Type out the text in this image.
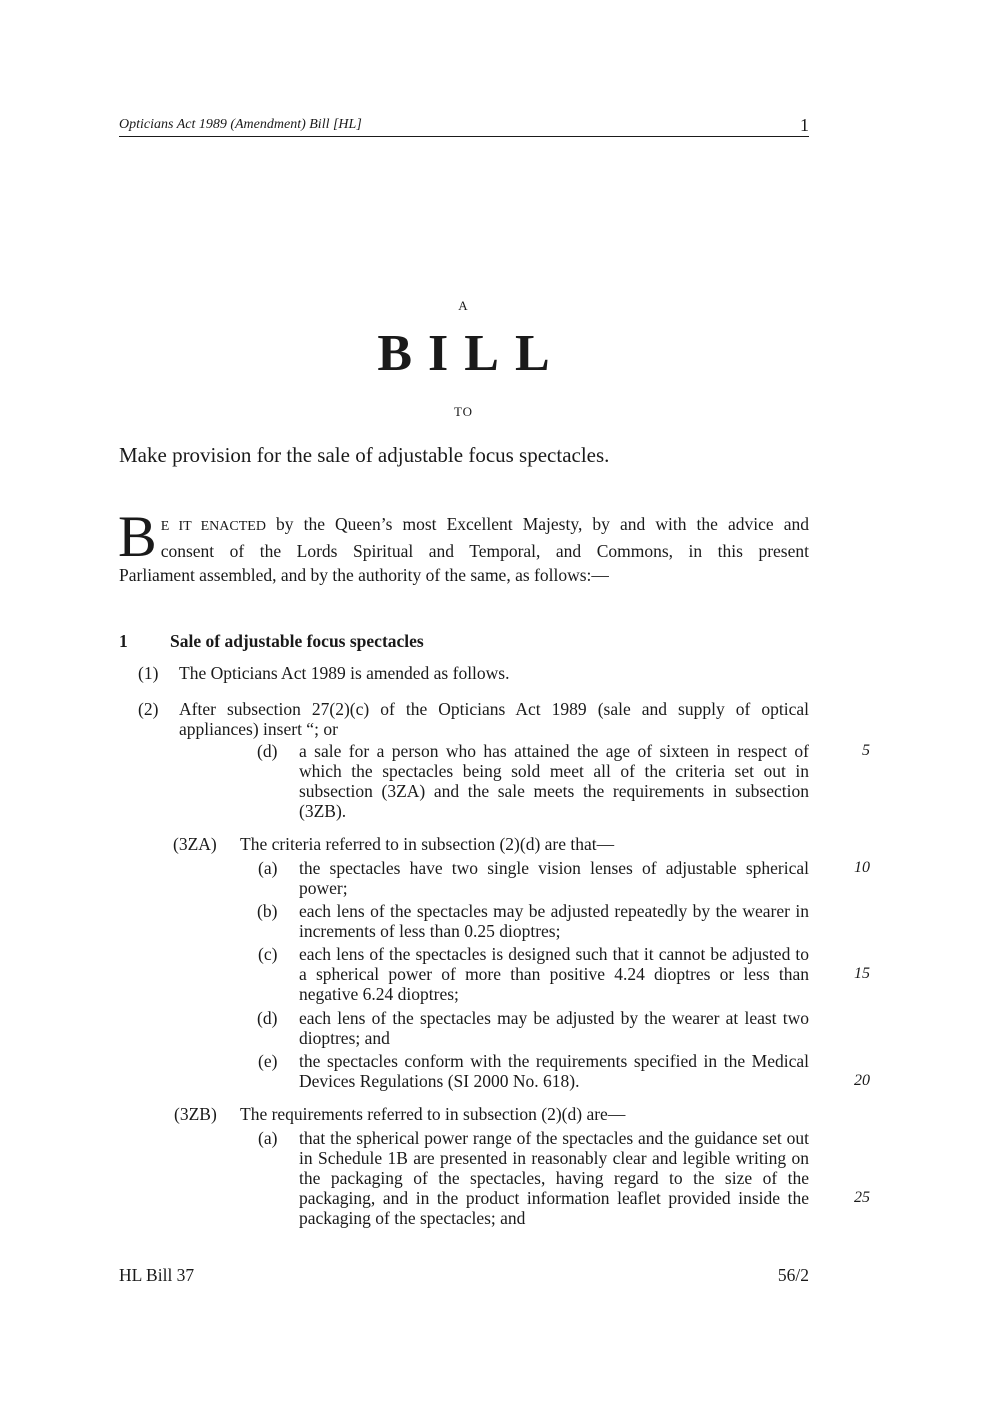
Opticians Act 1989 (Amendment) Bill [HL]	1
A
BILL
TO
Make provision for the sale of adjustable focus spectacles.
B E IT ENACTED by the Queen’s most Excellent Majesty, by and with the advice and
consent of the Lords Spiritual and Temporal, and Commons, in this present
Parliament assembled, and by the authority of the same, as follows:—
1 Sale of adjustable focus spectacles
(1) The Opticians Act 1989 is amended as follows.
(2) After subsection 27(2)(c) of the Opticians Act 1989 (sale and supply of optical
appliances) insert “; or
(d) a sale for a person who has attained the age of sixteen in respect of which the spectacles being sold meet all of the criteria set out in subsection (3ZA) and the sale meets the requirements in subsection (3ZB).
(3ZA) The criteria referred to in subsection (2)(d) are that—
(a) the spectacles have two single vision lenses of adjustable spherical power;
(b) each lens of the spectacles may be adjusted repeatedly by the wearer in increments of less than 0.25 dioptres;
(c) each lens of the spectacles is designed such that it cannot be adjusted to a spherical power of more than positive 4.24 dioptres or less than negative 6.24 dioptres;
(d) each lens of the spectacles may be adjusted by the wearer at least two dioptres; and
(e) the spectacles conform with the requirements specified in the Medical Devices Regulations (SI 2000 No. 618).
(3ZB) The requirements referred to in subsection (2)(d) are—
(a) that the spherical power range of the spectacles and the guidance set out in Schedule 1B are presented in reasonably clear and legible writing on the packaging of the spectacles, having regard to the size of the packaging, and in the product information leaflet provided inside the packaging of the spectacles; and
5
10
15
20
25
HL Bill 37	56/2
